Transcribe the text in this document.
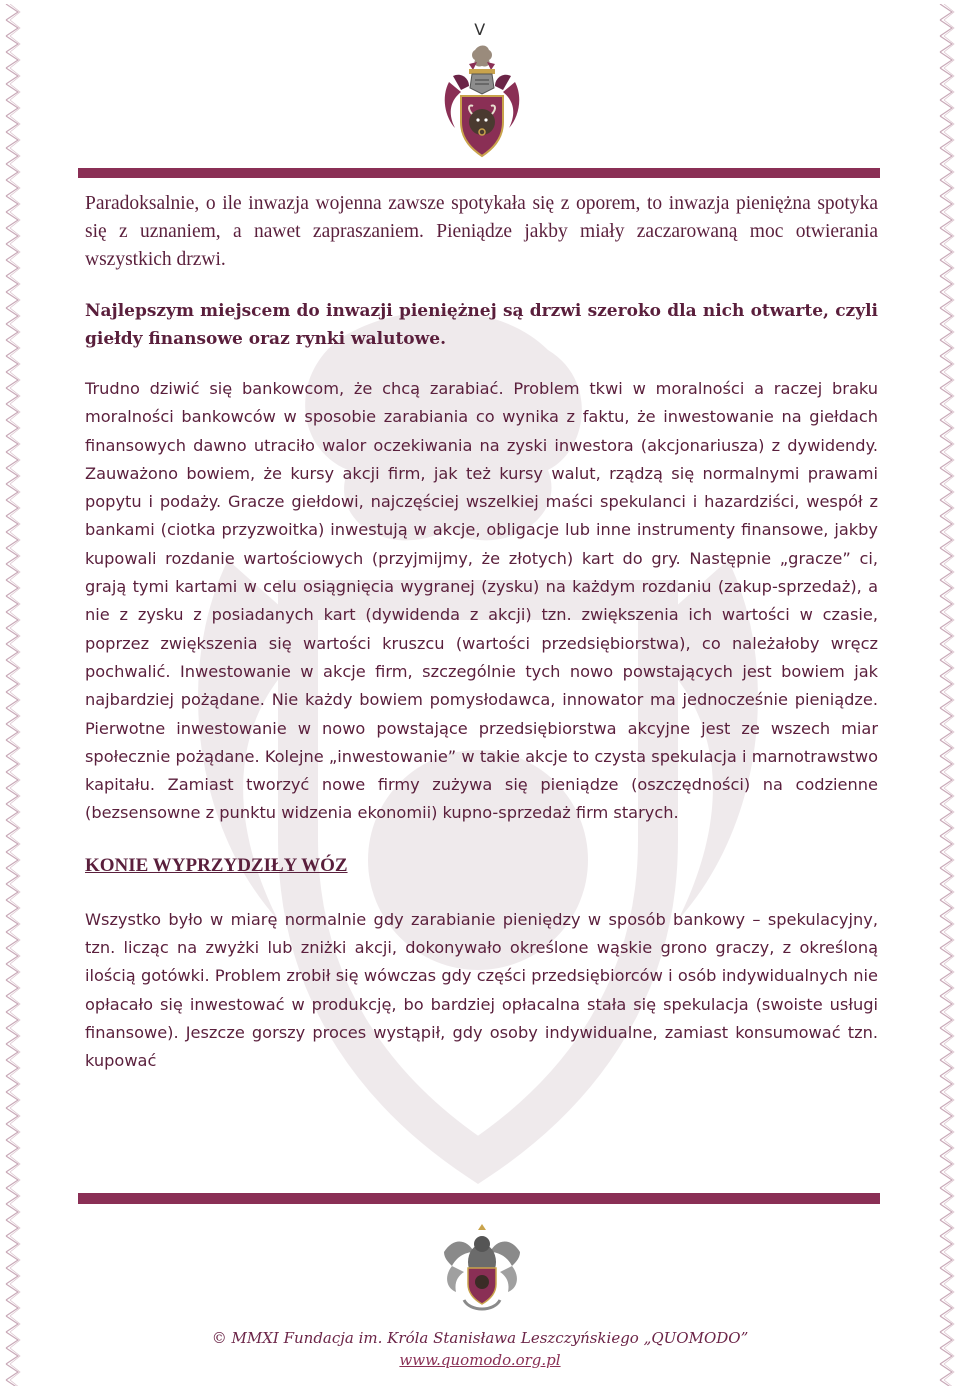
V

Paradoksalnie, o ile inwazja wojenna zawsze spotykała się z oporem, to inwazja pieniężna spotyka się z uznaniem, a nawet zapraszaniem. Pieniądze jakby miały zaczarowaną moc otwierania wszystkich drzwi.

Najlepszym miejscem do inwazji pieniężnej są drzwi szeroko dla nich otwarte, czyli giełdy finansowe oraz rynki walutowe.

Trudno dziwić się bankowcom, że chcą zarabiać. Problem tkwi w moralności a raczej braku moralności bankowców w sposobie zarabiania co wynika z faktu, że inwestowanie na giełdach finansowych dawno utraciło walor oczekiwania na zyski inwestora (akcjonariusza) z dywidendy. Zauważono bowiem, że kursy akcji firm, jak też kursy walut, rządzą się normalnymi prawami popytu i podaży. Gracze giełdowi, najczęściej wszelkiej maści spekulanci i hazardziści, wespół z bankami (ciotka przyzwoitka) inwestują w akcje, obligacje lub inne instrumenty finansowe, jakby kupowali rozdanie wartościowych (przyjmijmy, że złotych) kart do gry. Następnie „gracze” ci, grają tymi kartami w celu osiągnięcia wygranej (zysku) na każdym rozdaniu (zakup-sprzedaż), a nie z zysku z posiadanych kart (dywidenda z akcji) tzn. zwiększenia ich wartości w czasie, poprzez zwiększenia się wartości kruszcu (wartości przedsiębiorstwa), co należałoby wręcz pochwalić. Inwestowanie w akcje firm, szczególnie tych nowo powstających jest bowiem jak najbardziej pożądane. Nie każdy bowiem pomysłodawca, innowator ma jednocześnie pieniądze. Pierwotne inwestowanie w nowo powstające przedsiębiorstwa akcyjne jest ze wszech miar społecznie pożądane. Kolejne „inwestowanie” w takie akcje to czysta spekulacja i marnotrawstwo kapitału. Zamiast tworzyć nowe firmy zużywa się pieniądze (oszczędności) na codzienne (bezsensowne z punktu widzenia ekonomii) kupno-sprzedaż firm starych.

KONIE WYPRZYDZIŁY WÓZ

Wszystko było w miarę normalnie gdy zarabianie pieniędzy w sposób bankowy – spekulacyjny, tzn. licząc na zwyżki lub zniżki akcji, dokonywało określone wąskie grono graczy, z określoną ilością gotówki. Problem zrobił się wówczas gdy części przedsiębiorców i osób indywidualnych nie opłacało się inwestować w produkcję, bo bardziej opłacalna stała się spekulacja (swoiste usługi finansowe). Jeszcze gorszy proces wystąpił, gdy osoby indywidualne, zamiast konsumować tzn. kupować

© MMXI Fundacja im. Króla Stanisława Leszczyńskiego „QUOMODO”
www.quomodo.org.pl
